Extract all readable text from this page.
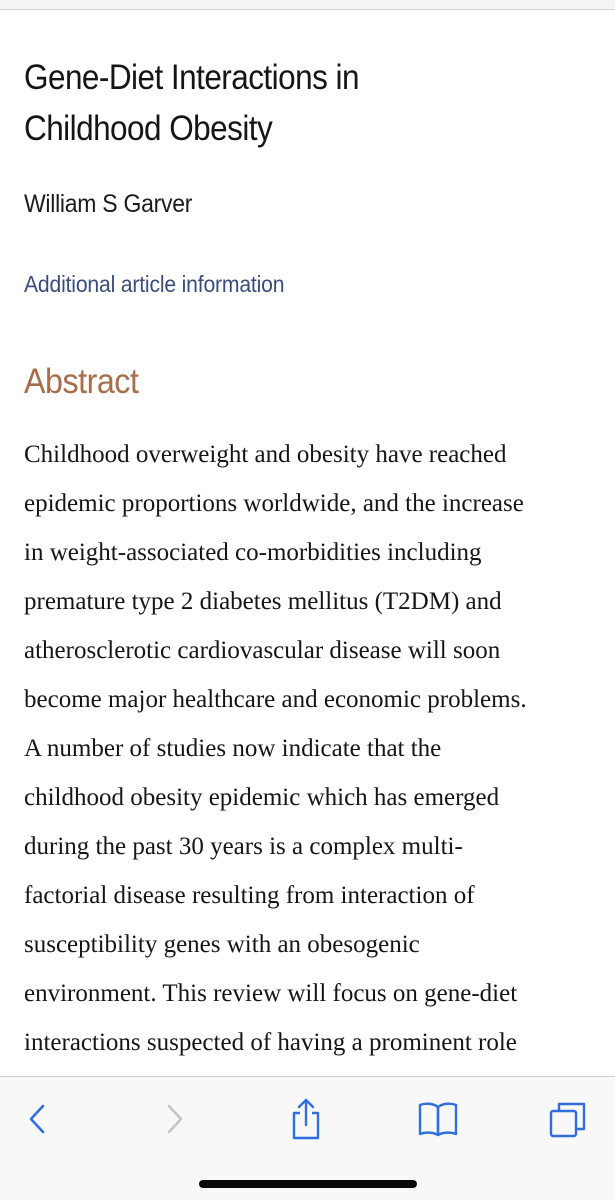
Gene-Diet Interactions in
Childhood Obesity

William S Garver

Additional article information
Abstract

Childhood overweight and obesity have reached
epidemic proportions worldwide, and the increase
in weight-associated co-morbidities including
premature type 2 diabetes mellitus (T2DM) and
atherosclerotic cardiovascular disease will soon
become major healthcare and economic problems.
A number of studies now indicate that the
childhood obesity epidemic which has emerged
during the past 30 years is a complex multi-
factorial disease resulting from interaction of
susceptibility genes with an obesogenic
environment. This review will focus on gene-diet
interactions suspected of having a prominent role
